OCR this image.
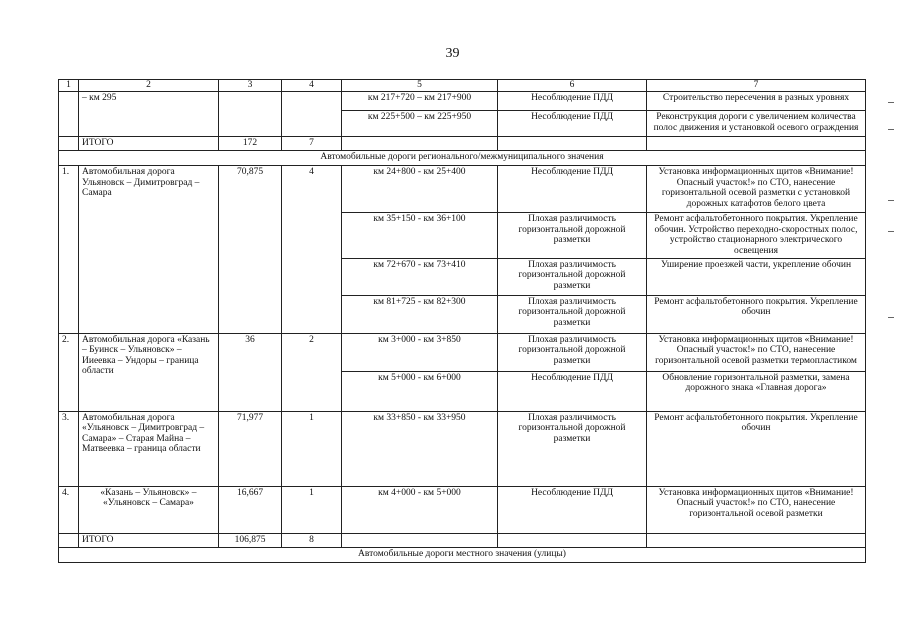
39
1	2	3	4	5	6	7
	– км 295			км 217+720 – км 217+900	Несоблюдение ПДД	Строительство пересечения в разных уровнях
				км 225+500 – км 225+950	Несоблюдение ПДД	Реконструкция дороги с увеличением количества полос движения и установкой осевого ограждения
	ИТОГО	172	7			
Автомобильные дороги регионального/межмуниципального значения						
1.	Автомобильная дорога Ульяновск – Димитровград – Самара	70,875	4	км 24+800 - км 25+400	Несоблюдение ПДД	Установка информационных щитов «Внимание! Опасный участок!» по СТО, нанесение горизонтальной осевой разметки с установкой дорожных катафотов белого цвета
				км 35+150 - км 36+100	Плохая различимость горизонтальной дорожной разметки	Ремонт асфальтобетонного покрытия. Укрепление обочин. Устройство переходно-скоростных полос, устройство стационарного электрического освещения
				км 72+670 - км 73+410	Плохая различимость горизонтальной дорожной разметки	Уширение проезжей части, укрепление обочин
				км 81+725 - км 82+300	Плохая различимость горизонтальной дорожной разметки	Ремонт асфальтобетонного покрытия. Укрепление обочин
2.	Автомобильная дорога «Казань – Буинск – Ульяновск» – Ииеевка – Ундоры – граница области	36	2	км 3+000 - км 3+850	Плохая различимость горизонтальной дорожной разметки	Установка информационных щитов «Внимание! Опасный участок!» по СТО, нанесение горизонтальной осевой разметки термопластиком
				км 5+000 - км 6+000	Несоблюдение ПДД	Обновление горизонтальной разметки, замена дорожного знака «Главная дорога»
3.	Автомобильная дорога «Ульяновск – Димитровград – Самара» – Старая Майна – Матвеевка – граница области	71,977	1	км 33+850 - км 33+950	Плохая различимость горизонтальной дорожной разметки	Ремонт асфальтобетонного покрытия. Укрепление обочин
4.	«Казань – Ульяновск» – «Ульяновск – Самара»	16,667	1	км 4+000 - км 5+000	Несоблюдение ПДД	Установка информационных щитов «Внимание! Опасный участок!» по СТО, нанесение горизонтальной осевой разметки
	ИТОГО	106,875	8			
Автомобильные дороги местного значения (улицы)						
